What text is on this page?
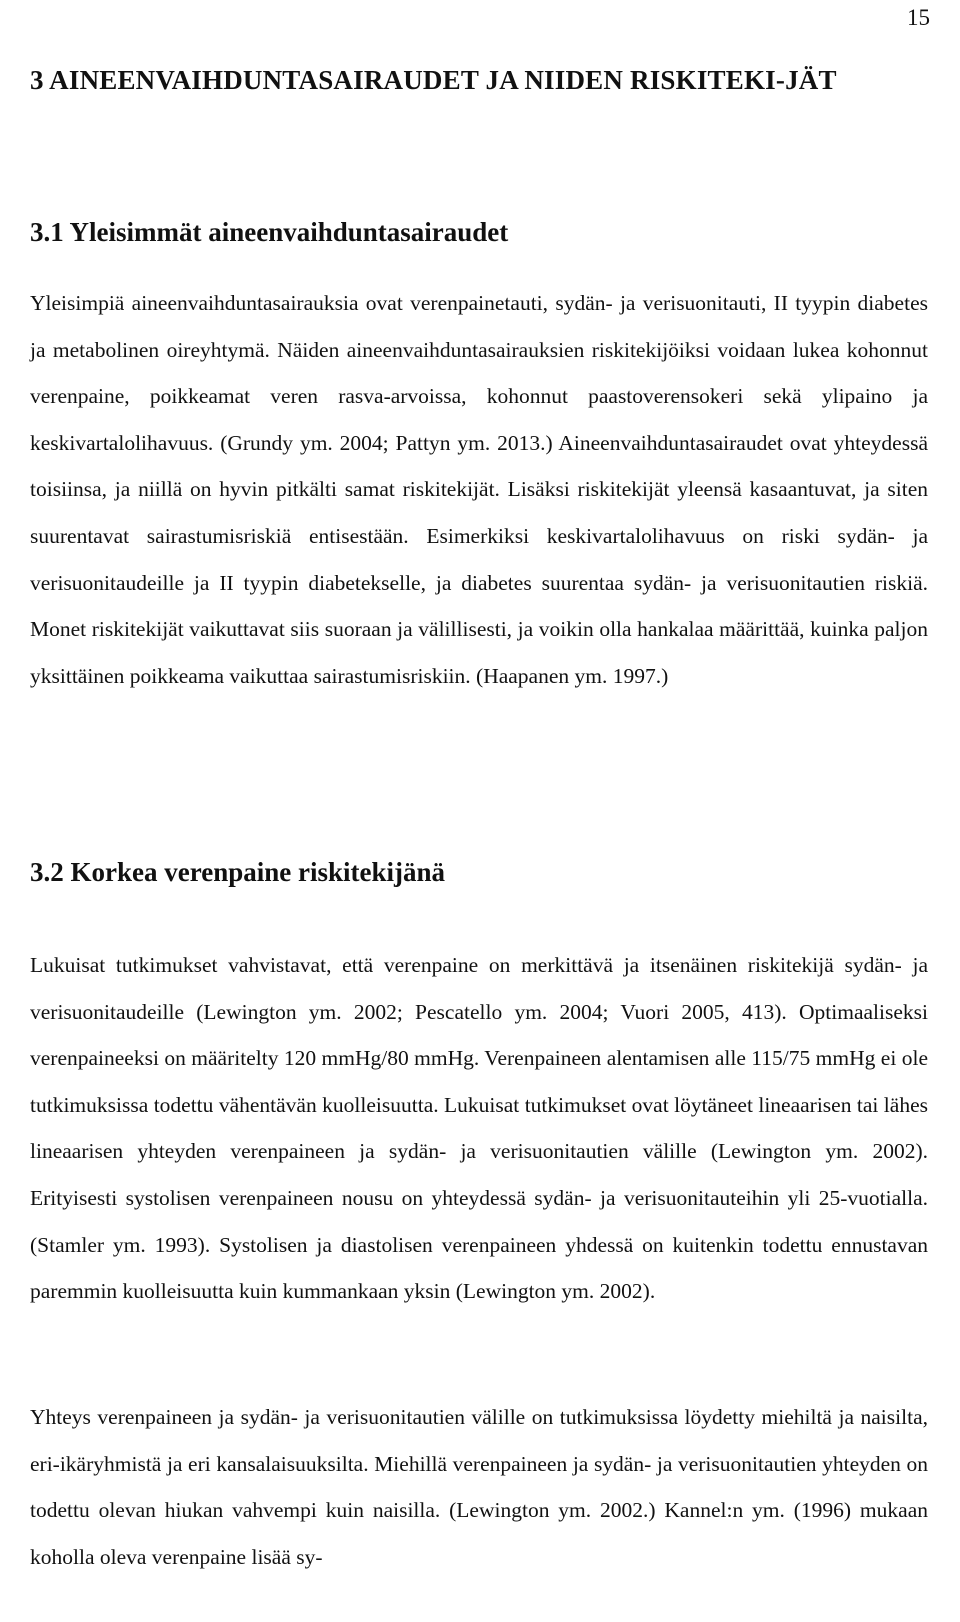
15
3 AINEENVAIHDUNTASAIRAUDET JA NIIDEN RISKITEKI-JÄT
3.1 Yleisimmät aineenvaihduntasairaudet

Yleisimpiä aineenvaihduntasairauksia ovat verenpainetauti, sydän- ja verisuonitauti, II tyypin diabetes ja metabolinen oireyhtymä. Näiden aineenvaihduntasairauksien riskitekijöiksi voidaan lukea kohonnut verenpaine, poikkeamat veren rasva-arvoissa, kohonnut paastoverensokeri sekä ylipaino ja keskivartalolihavuus. (Grundy ym. 2004; Pattyn ym. 2013.) Aineenvaihduntasairaudet ovat yhteydessä toisiinsa, ja niillä on hyvin pitkälti samat riskitekijät. Lisäksi riskitekijät yleensä kasaantuvat, ja siten suurentavat sairastumisriskiä entisestään. Esimerkiksi keskivartalolihavuus on riski sydän- ja verisuonitaudeille ja II tyypin diabetekselle, ja diabetes suurentaa sydän- ja verisuonitautien riskiä. Monet riskitekijät vaikuttavat siis suoraan ja välillisesti, ja voikin olla hankalaa määrittää, kuinka paljon yksittäinen poikkeama vaikuttaa sairastumisriskiin. (Haapanen ym. 1997.)

3.2 Korkea verenpaine riskitekijänä

Lukuisat tutkimukset vahvistavat, että verenpaine on merkittävä ja itsenäinen riskitekijä sydän- ja verisuonitaudeille (Lewington ym. 2002; Pescatello ym. 2004; Vuori 2005, 413). Optimaaliseksi verenpaineeksi on määritelty 120 mmHg/80 mmHg. Verenpaineen alentamisen alle 115/75 mmHg ei ole tutkimuksissa todettu vähentävän kuolleisuutta. Lukuisat tutkimukset ovat löytäneet lineaarisen tai lähes lineaarisen yhteyden verenpaineen ja sydän- ja verisuonitautien välille (Lewington ym. 2002). Erityisesti systolisen verenpaineen nousu on yhteydessä sydän- ja verisuonitauteihin yli 25-vuotialla. (Stamler ym. 1993). Systolisen ja diastolisen verenpaineen yhdessä on kuitenkin todettu ennustavan paremmin kuolleisuutta kuin kummankaan yksin (Lewington ym. 2002).

Yhteys verenpaineen ja sydän- ja verisuonitautien välille on tutkimuksissa löydetty miehiltä ja naisilta, eri-ikäryhmistä ja eri kansalaisuuksilta. Miehillä verenpaineen ja sydän- ja verisuonitautien yhteyden on todettu olevan hiukan vahvempi kuin naisilla. (Lewington ym. 2002.) Kannel:n ym. (1996) mukaan koholla oleva verenpaine lisää sy-
